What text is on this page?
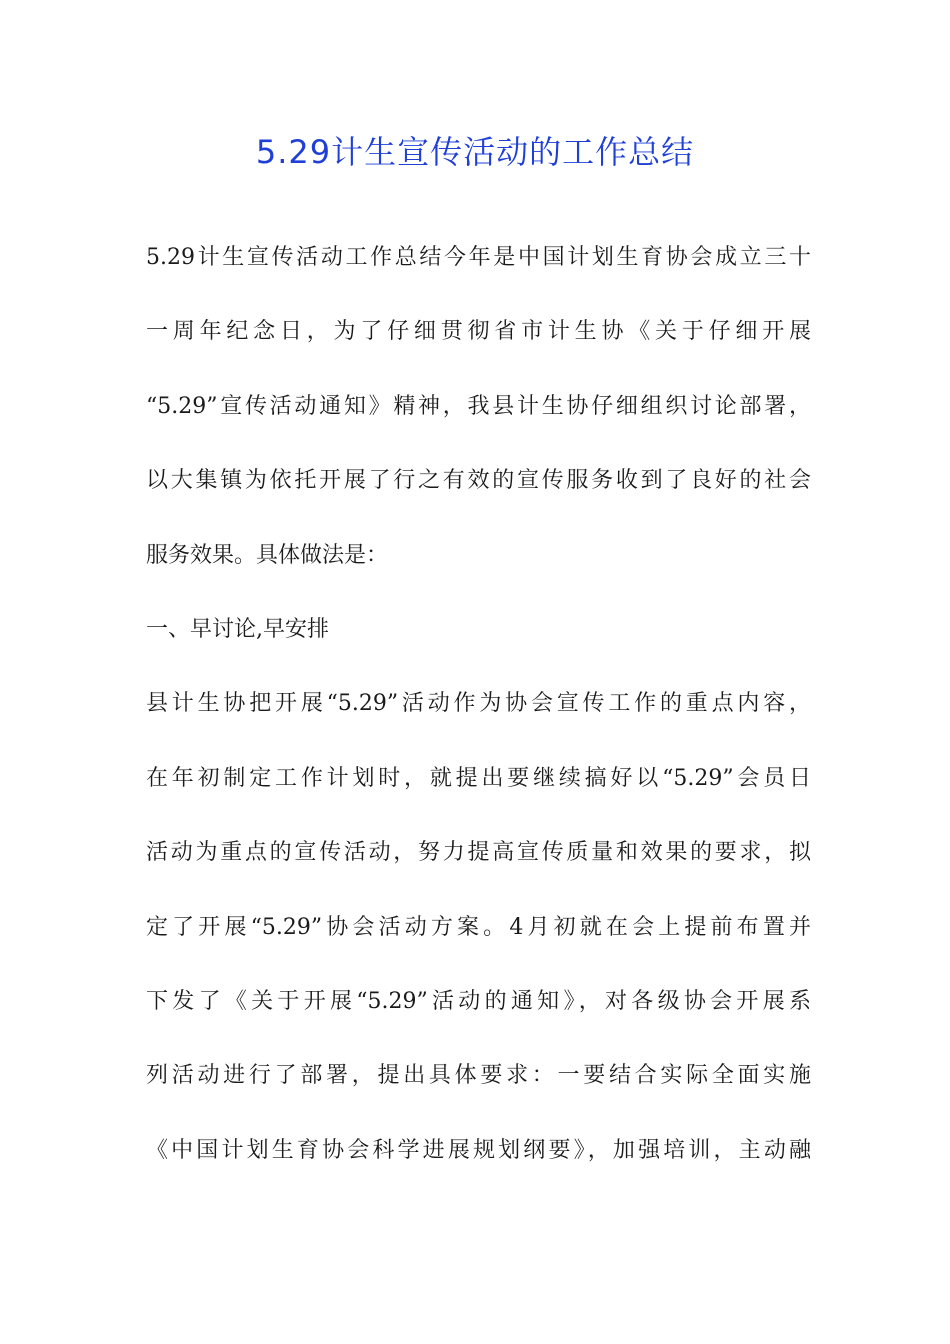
5.29计生宣传活动的工作总结
5.29计生宣传活动工作总结今年是中国计划生育协会成立三十
一周年纪念日，为了仔细贯彻省市计生协《关于仔细开展
“5.29”宣传活动通知》精神，我县计生协仔细组织讨论部署，
以大集镇为依托开展了行之有效的宣传服务收到了良好的社会
服务效果。具体做法是：
一、早讨论,早安排
县计生协把开展“5.29”活动作为协会宣传工作的重点内容，
在年初制定工作计划时，就提出要继续搞好以“5.29”会员日
活动为重点的宣传活动，努力提高宣传质量和效果的要求，拟
定了开展“5.29”协会活动方案。4月初就在会上提前布置并
下发了《关于开展“5.29”活动的通知》，对各级协会开展系
列活动进行了部署，提出具体要求：一要结合实际全面实施
《中国计划生育协会科学进展规划纲要》，加强培训，主动融
